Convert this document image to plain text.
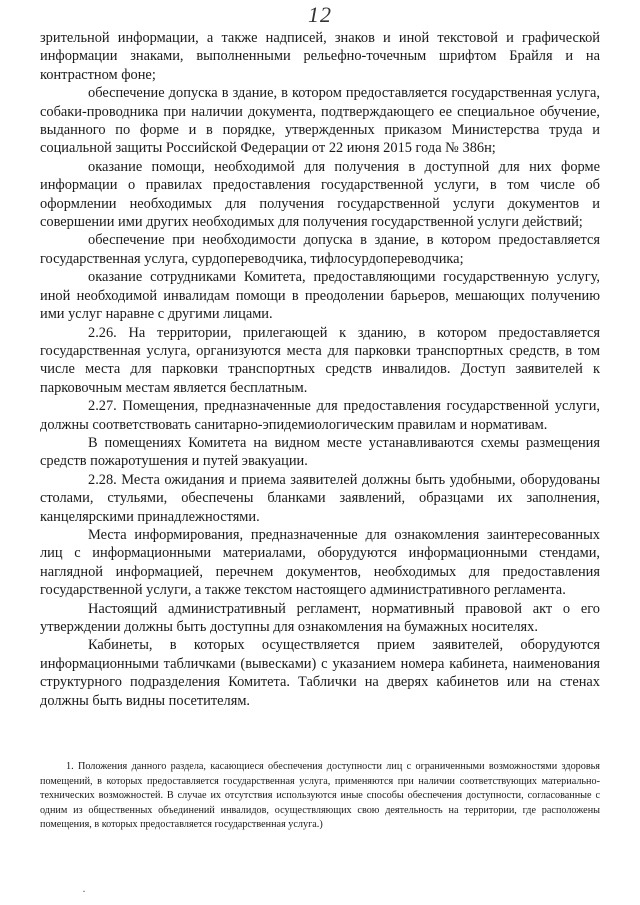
12

зрительной информации, а также надписей, знаков и иной текстовой и графической информации знаками, выполненными рельефно-точечным шрифтом Брайля и на контрастном фоне;

обеспечение допуска в здание, в котором предоставляется государственная услуга, собаки-проводника при наличии документа, подтверждающего ее специальное обучение, выданного по форме и в порядке, утвержденных приказом Министерства труда и социальной защиты Российской Федерации от 22 июня 2015 года № 386н;

оказание помощи, необходимой для получения в доступной для них форме информации о правилах предоставления государственной услуги, в том числе об оформлении необходимых для получения государственной услуги документов и совершении ими других необходимых для получения государственной услуги действий;

обеспечение при необходимости допуска в здание, в котором предоставляется государственная услуга, сурдопереводчика, тифлосурдопереводчика;

оказание сотрудниками Комитета, предоставляющими государственную услугу, иной необходимой инвалидам помощи в преодолении барьеров, мешающих получению ими услуг наравне с другими лицами.

2.26. На территории, прилегающей к зданию, в котором предоставляется государственная услуга, организуются места для парковки транспортных средств, в том числе места для парковки транспортных средств инвалидов. Доступ заявителей к парковочным местам является бесплатным.

2.27. Помещения, предназначенные для предоставления государственной услуги, должны соответствовать санитарно-эпидемиологическим правилам и нормативам.

В помещениях Комитета на видном месте устанавливаются схемы размещения средств пожаротушения и путей эвакуации.

2.28. Места ожидания и приема заявителей должны быть удобными, оборудованы столами, стульями, обеспечены бланками заявлений, образцами их заполнения, канцелярскими принадлежностями.

Места информирования, предназначенные для ознакомления заинтересованных лиц с информационными материалами, оборудуются информационными стендами, наглядной информацией, перечнем документов, необходимых для предоставления государственной услуги, а также текстом настоящего административного регламента.

Настоящий административный регламент, нормативный правовой акт о его утверждении должны быть доступны для ознакомления на бумажных носителях.

Кабинеты, в которых осуществляется прием заявителей, оборудуются информационными табличками (вывесками) с указанием номера кабинета, наименования структурного подразделения Комитета. Таблички на дверях кабинетов или на стенах должны быть видны посетителям.

1. Положения данного раздела, касающиеся обеспечения доступности лиц с ограниченными возможностями здоровья помещений, в которых предоставляется государственная услуга, применяются при наличии соответствующих материально-технических возможностей. В случае их отсутствия используются иные способы обеспечения доступности, согласованные с одним из общественных объединений инвалидов, осуществляющих свою деятельность на территории, где расположены помещения, в которых предоставляется государственная услуга.)

·
